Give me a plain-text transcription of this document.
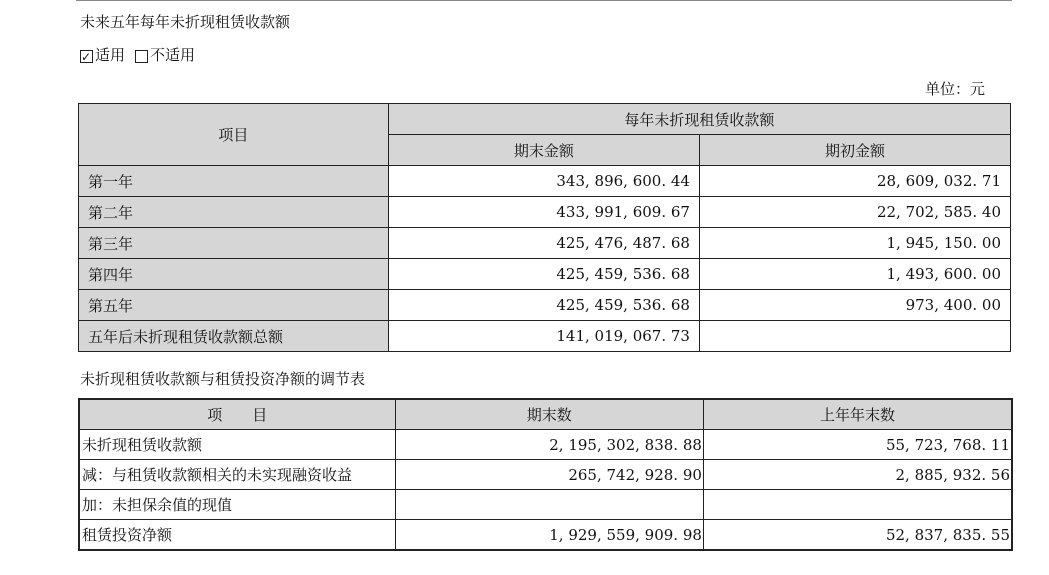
未来五年每年未折现租赁收款额
✓
适用 不适用
单位：元
项目	每年未折现租赁收款额	
	期末金额	期初金额
第一年	343, 896, 600. 44	28, 609, 032. 71
第二年	433, 991, 609. 67	22, 702, 585. 40
第三年	425, 476, 487. 68	1, 945, 150. 00
第四年	425, 459, 536. 68	1, 493, 600. 00
第五年	425, 459, 536. 68	973, 400. 00
五年后未折现租赁收款额总额	141, 019, 067. 73	
未折现租赁收款额与租赁投资净额的调节表
项　　目	期末数	上年年末数
未折现租赁收款额	2, 195, 302, 838. 88	55, 723, 768. 11
减：与租赁收款额相关的未实现融资收益	265, 742, 928. 90	2, 885, 932. 56
加：未担保余值的现值		
租赁投资净额	1, 929, 559, 909. 98	52, 837, 835. 55
